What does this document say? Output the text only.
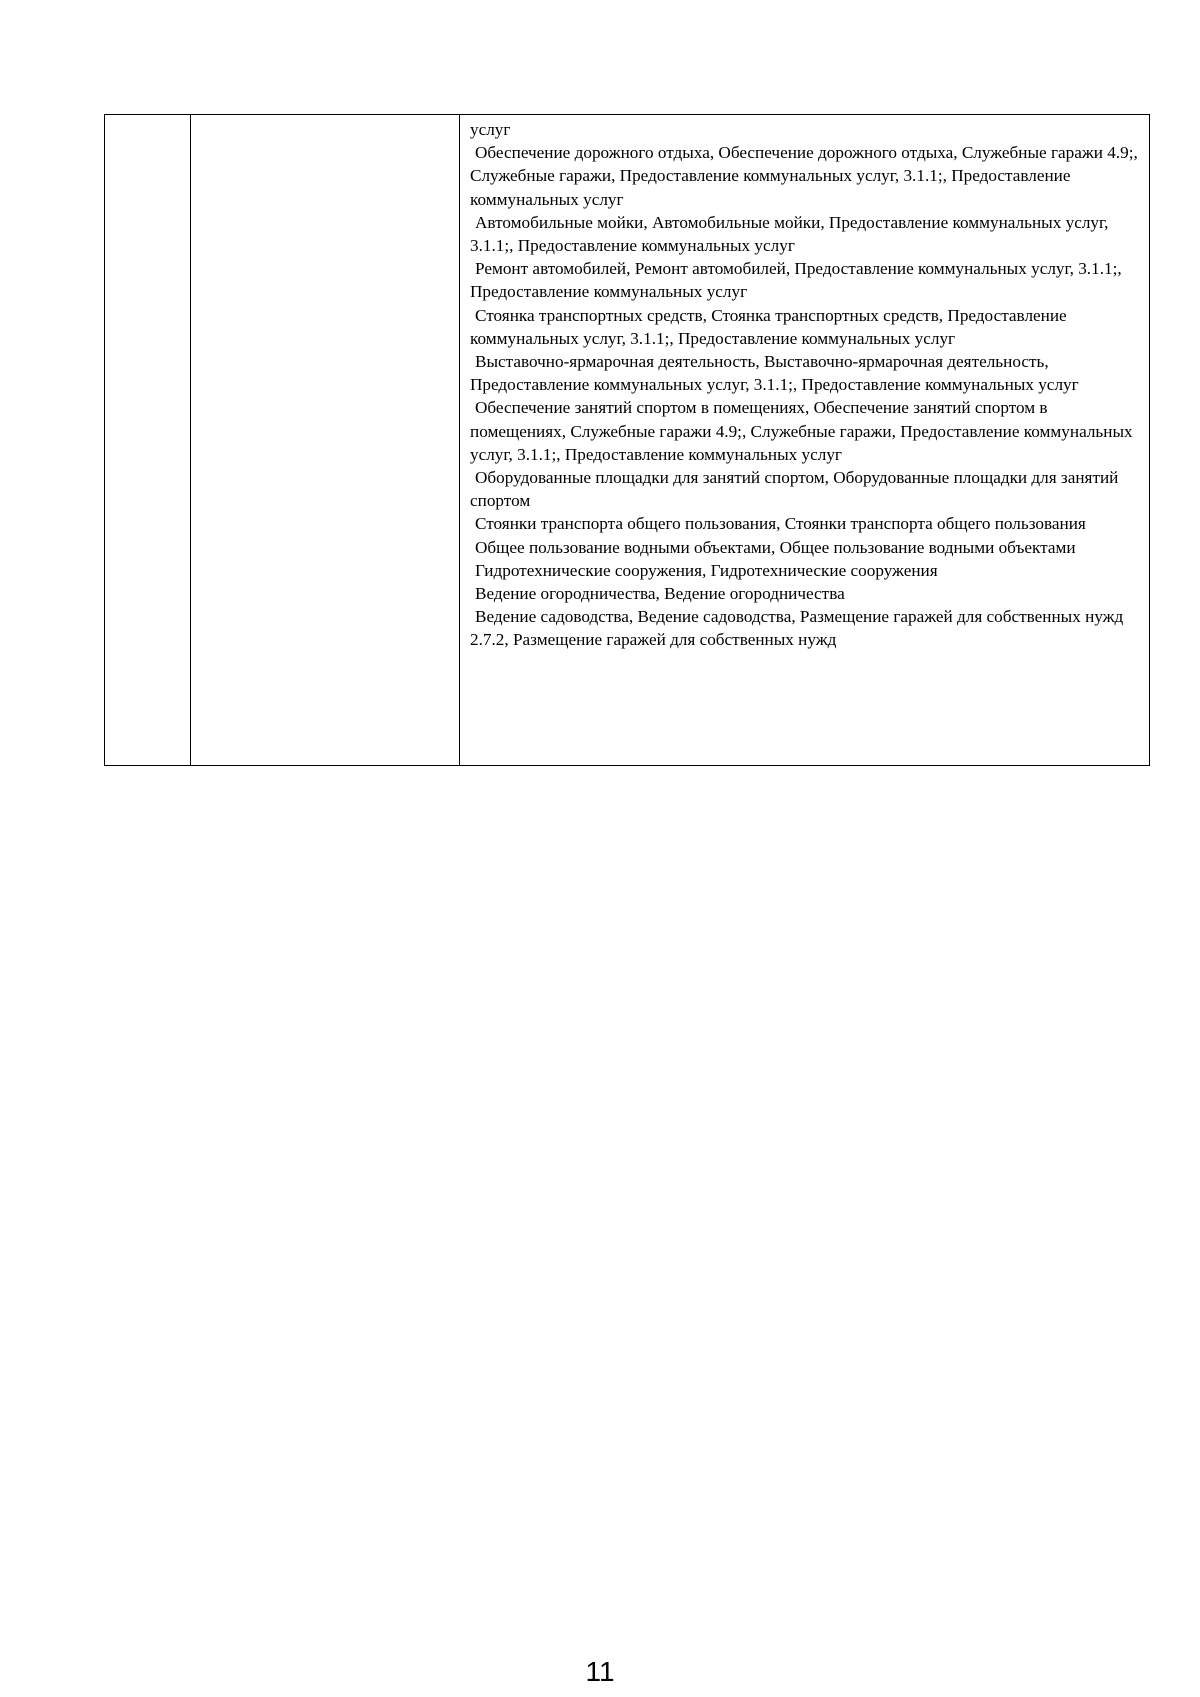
услуг
Обеспечение дорожного отдыха, Обеспечение дорожного отдыха, Служебные гаражи 4.9;, Служебные гаражи, Предоставление коммунальных услуг, 3.1.1;, Предоставление коммунальных услуг
Автомобильные мойки, Автомобильные мойки, Предоставление коммунальных услуг, 3.1.1;, Предоставление коммунальных услуг
Ремонт автомобилей, Ремонт автомобилей, Предоставление коммунальных услуг, 3.1.1;, Предоставление коммунальных услуг
Стоянка транспортных средств, Стоянка транспортных средств, Предоставление коммунальных услуг, 3.1.1;, Предоставление коммунальных услуг
Выставочно-ярмарочная деятельность, Выставочно-ярмарочная деятельность, Предоставление коммунальных услуг, 3.1.1;, Предоставление коммунальных услуг
Обеспечение занятий спортом в помещениях, Обеспечение занятий спортом в помещениях, Служебные гаражи 4.9;, Служебные гаражи, Предоставление коммунальных услуг, 3.1.1;, Предоставление коммунальных услуг
Оборудованные площадки для занятий спортом, Оборудованные площадки для занятий спортом
Стоянки транспорта общего пользования, Стоянки транспорта общего пользования
Общее пользование водными объектами, Общее пользование водными объектами
Гидротехнические сооружения, Гидротехнические сооружения
Ведение огородничества, Ведение огородничества
Ведение садоводства, Ведение садоводства, Размещение гаражей для собственных нужд 2.7.2, Размещение гаражей для собственных нужд
11
